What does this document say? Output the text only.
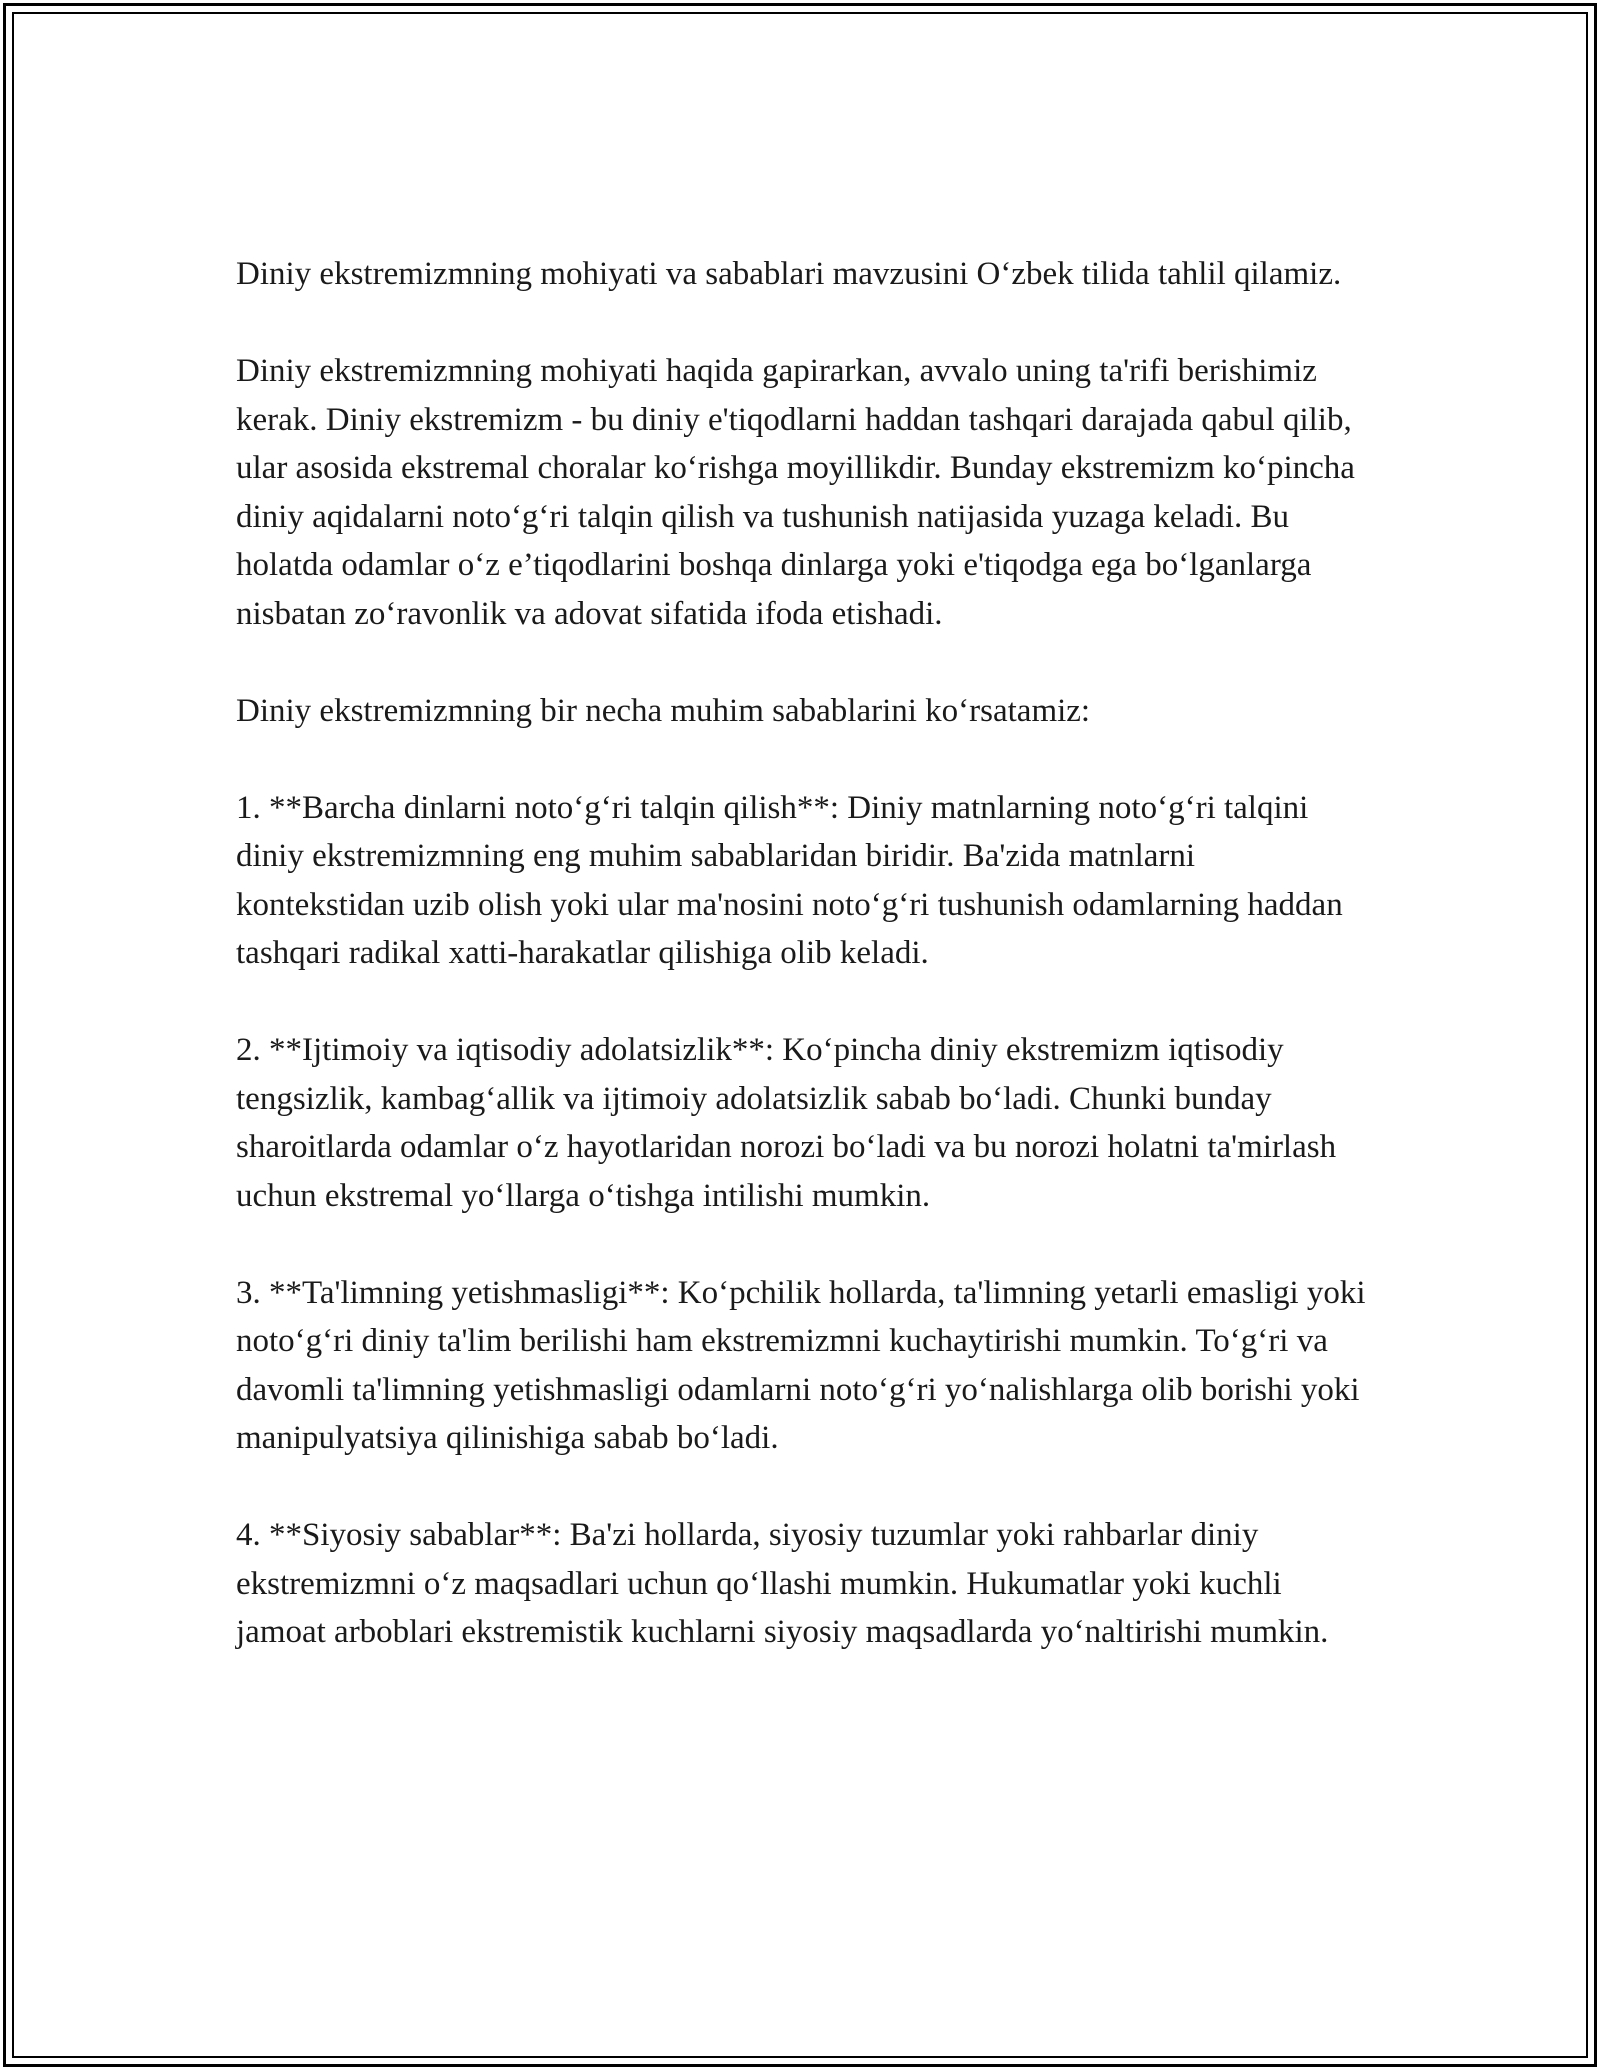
Diniy ekstremizmning mohiyati va sabablari mavzusini O‘zbek tilida tahlil qilamiz.

Diniy ekstremizmning mohiyati haqida gapirarkan, avvalo uning ta'rifi berishimiz kerak. Diniy ekstremizm - bu diniy e'tiqodlarni haddan tashqari darajada qabul qilib, ular asosida ekstremal choralar ko‘rishga moyillikdir. Bunday ekstremizm ko‘pincha diniy aqidalarni noto‘g‘ri talqin qilish va tushunish natijasida yuzaga keladi. Bu holatda odamlar o‘z e’tiqodlarini boshqa dinlarga yoki e'tiqodga ega bo‘lganlarga nisbatan zo‘ravonlik va adovat sifatida ifoda etishadi.

Diniy ekstremizmning bir necha muhim sabablarini ko‘rsatamiz:

1. **Barcha dinlarni noto‘g‘ri talqin qilish**: Diniy matnlarning noto‘g‘ri talqini diniy ekstremizmning eng muhim sabablaridan biridir. Ba'zida matnlarni kontekstidan uzib olish yoki ular ma'nosini noto‘g‘ri tushunish odamlarning haddan tashqari radikal xatti-harakatlar qilishiga olib keladi.

2. **Ijtimoiy va iqtisodiy adolatsizlik**: Ko‘pincha diniy ekstremizm iqtisodiy tengsizlik, kambag‘allik va ijtimoiy adolatsizlik sabab bo‘ladi. Chunki bunday sharoitlarda odamlar o‘z hayotlaridan norozi bo‘ladi va bu norozi holatni ta'mirlash uchun ekstremal yo‘llarga o‘tishga intilishi mumkin.

3. **Ta'limning yetishmasligi**: Ko‘pchilik hollarda, ta'limning yetarli emasligi yoki noto‘g‘ri diniy ta'lim berilishi ham ekstremizmni kuchaytirishi mumkin. To‘g‘ri va davomli ta'limning yetishmasligi odamlarni noto‘g‘ri yo‘nalishlarga olib borishi yoki manipulyatsiya qilinishiga sabab bo‘ladi.

4. **Siyosiy sabablar**: Ba'zi hollarda, siyosiy tuzumlar yoki rahbarlar diniy ekstremizmni o‘z maqsadlari uchun qo‘llashi mumkin. Hukumatlar yoki kuchli jamoat arboblari ekstremistik kuchlarni siyosiy maqsadlarda yo‘naltirishi mumkin.
